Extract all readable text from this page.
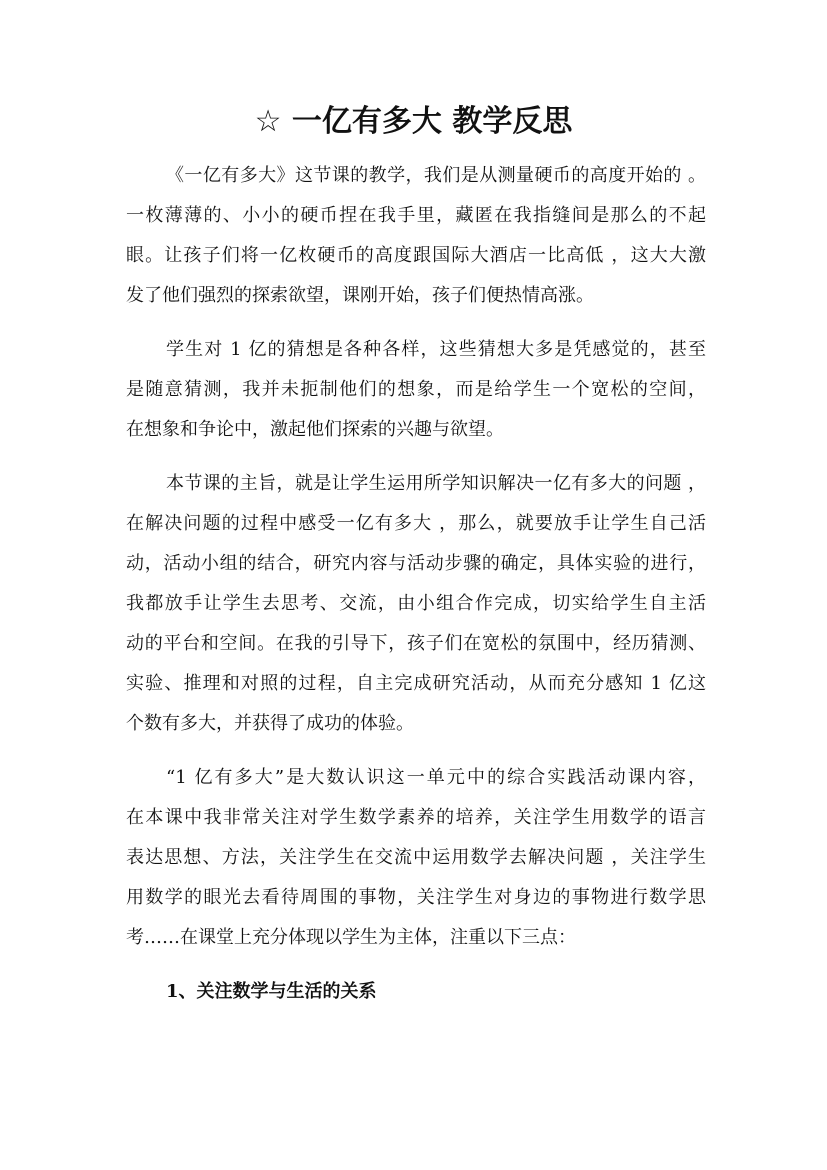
☆ 一亿有多大 教学反思

《一亿有多大》这节课的教学，我们是从测量硬币的高度开始的 。

一枚薄薄的、小小的硬币捏在我手里，藏匿在我指缝间是那么的不起

眼。让孩子们将一亿枚硬币的高度跟国际大酒店一比高低 ，这大大激

发了他们强烈的探索欲望，课刚开始，孩子们便热情高涨。

学生对 1 亿的猜想是各种各样，这些猜想大多是凭感觉的，甚至

是随意猜测，我并未扼制他们的想象，而是给学生一个宽松的空间，

在想象和争论中，激起他们探索的兴趣与欲望。

本节课的主旨，就是让学生运用所学知识解决一亿有多大的问题 ，

在解决问题的过程中感受一亿有多大 ，那么，就要放手让学生自己活

动，活动小组的结合，研究内容与活动步骤的确定，具体实验的进行，

我都放手让学生去思考、交流，由小组合作完成，切实给学生自主活

动的平台和空间。在我的引导下，孩子们在宽松的氛围中，经历猜测、

实验、推理和对照的过程，自主完成研究活动，从而充分感知 1 亿这

个数有多大，并获得了成功的体验。

“1 亿有多大”是大数认识这一单元中的综合实践活动课内容，

在本课中我非常关注对学生数学素养的培养，关注学生用数学的语言

表达思想、方法，关注学生在交流中运用数学去解决问题 ，关注学生

用数学的眼光去看待周围的事物，关注学生对身边的事物进行数学思

考……在课堂上充分体现以学生为主体，注重以下三点：

1、关注数学与生活的关系
